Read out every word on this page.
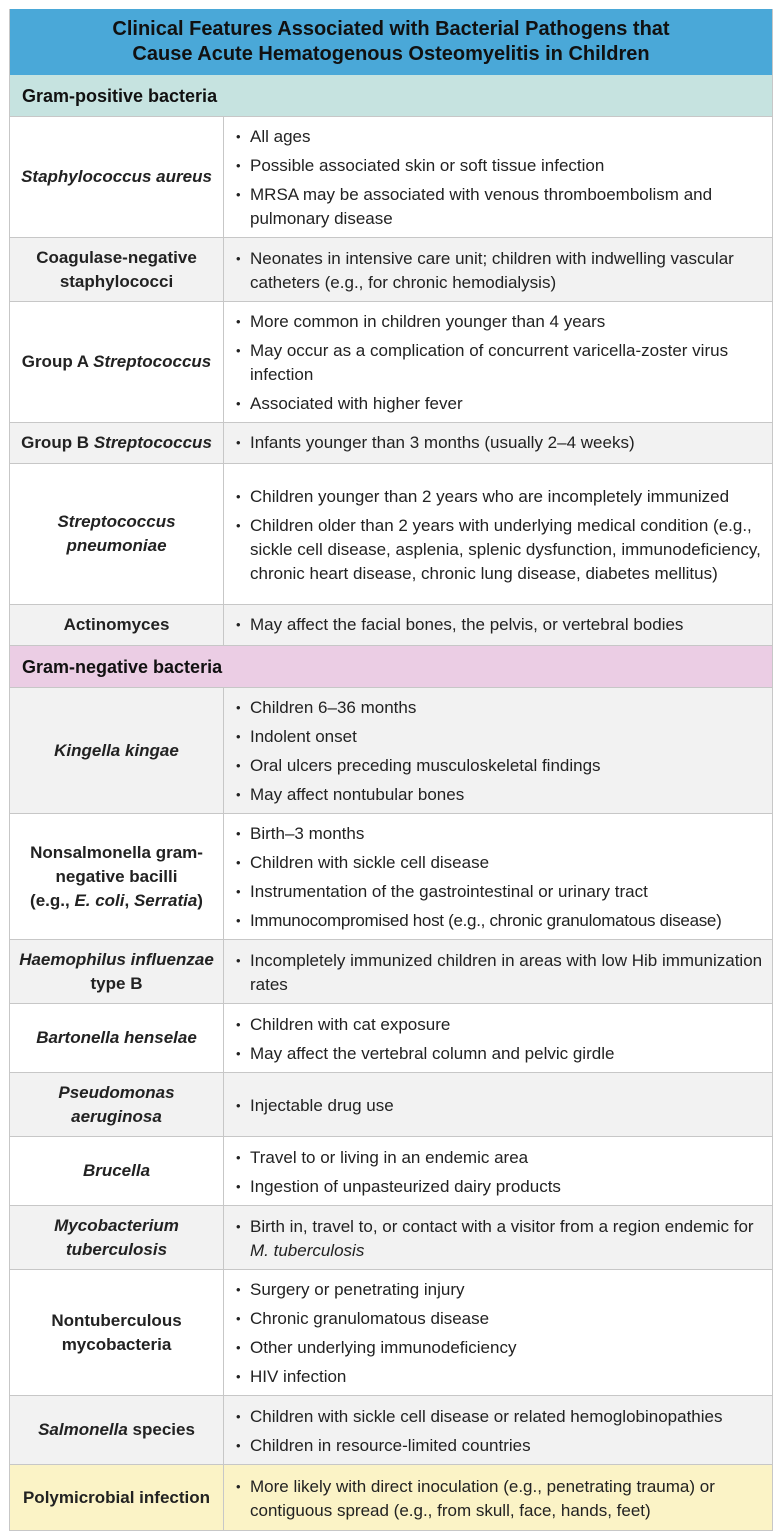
Clinical Features Associated with Bacterial Pathogens that
Cause Acute Hematogenous Osteomyelitis in Children
Gram-positive bacteria
Staphylococcus aureus
• All ages
• Possible associated skin or soft tissue infection
• MRSA may be associated with venous thromboembolism and pulmonary disease
Coagulase-negative staphylococci
• Neonates in intensive care unit; children with indwelling vascular catheters (e.g., for chronic hemodialysis)
Group A Streptococcus
• More common in children younger than 4 years
• May occur as a complication of concurrent varicella-zoster virus infection
• Associated with higher fever
Group B Streptococcus	• Infants younger than 3 months (usually 2–4 weeks)
Streptococcus pneumoniae
• Children younger than 2 years who are incompletely immunized
• Children older than 2 years with underlying medical condition (e.g., sickle cell disease, asplenia, splenic dysfunction, immunodeficiency, chronic heart disease, chronic lung disease, diabetes mellitus)
Actinomyces	• May affect the facial bones, the pelvis, or vertebral bodies
Gram-negative bacteria
Kingella kingae
• Children 6–36 months
• Indolent onset
• Oral ulcers preceding musculoskeletal findings
• May affect nontubular bones
Nonsalmonella gram-negative bacilli
(e.g., E. coli, Serratia)
• Birth–3 months
• Children with sickle cell disease
• Instrumentation of the gastrointestinal or urinary tract
• Immunocompromised host (e.g., chronic granulomatous disease)
Haemophilus influenzae type B
• Incompletely immunized children in areas with low Hib immunization rates
Bartonella henselae
• Children with cat exposure
• May affect the vertebral column and pelvic girdle
Pseudomonas aeruginosa
• Injectable drug use
Brucella
• Travel to or living in an endemic area
• Ingestion of unpasteurized dairy products
Mycobacterium tuberculosis
• Birth in, travel to, or contact with a visitor from a region endemic for M. tuberculosis
Nontuberculous mycobacteria
• Surgery or penetrating injury
• Chronic granulomatous disease
• Other underlying immunodeficiency
• HIV infection
Salmonella species
• Children with sickle cell disease or related hemoglobinopathies
• Children in resource-limited countries
Polymicrobial infection
• More likely with direct inoculation (e.g., penetrating trauma) or contiguous spread (e.g., from skull, face, hands, feet)
